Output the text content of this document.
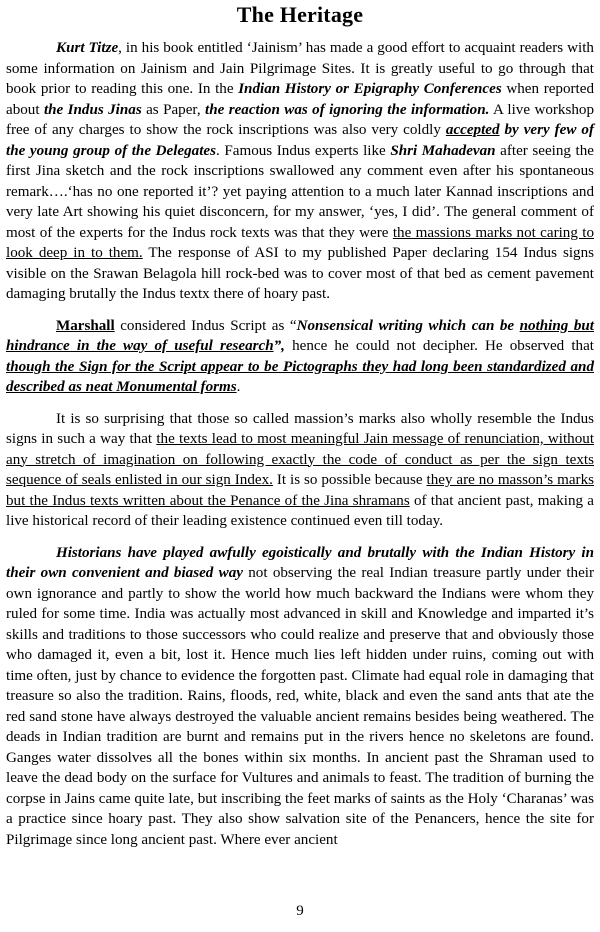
The Heritage

Kurt Titze, in his book entitled ‘Jainism’ has made a good effort to acquaint readers with some information on Jainism and Jain Pilgrimage Sites. It is greatly useful to go through that book prior to reading this one. In the Indian History or Epigraphy Conferences when reported about the Indus Jinas as Paper, the reaction was of ignoring the information. A live workshop free of any charges to show the rock inscriptions was also very coldly accepted by very few of the young group of the Delegates. Famous Indus experts like Shri Mahadevan after seeing the first Jina sketch and the rock inscriptions swallowed any comment even after his spontaneous remark….‘has no one reported it’? yet paying attention to a much later Kannad inscriptions and very late Art showing his quiet disconcern, for my answer, ‘yes, I did’. The general comment of most of the experts for the Indus rock texts was that they were the massions marks not caring to look deep in to them. The response of ASI to my published Paper declaring 154 Indus signs visible on the Srawan Belagola hill rock-bed was to cover most of that bed as cement pavement damaging brutally the Indus textx there of hoary past.

Marshall considered Indus Script as “Nonsensical writing which can be nothing but hindrance in the way of useful research”, hence he could not decipher. He observed that though the Sign for the Script appear to be Pictographs they had long been standardized and described as neat Monumental forms.

It is so surprising that those so called massion’s marks also wholly resemble the Indus signs in such a way that the texts lead to most meaningful Jain message of renunciation, without any stretch of imagination on following exactly the code of conduct as per the sign texts sequence of seals enlisted in our sign Index. It is so possible because they are no masson’s marks but the Indus texts written about the Penance of the Jina shramans of that ancient past, making a live historical record of their leading existence continued even till today.

Historians have played awfully egoistically and brutally with the Indian History in their own convenient and biased way not observing the real Indian treasure partly under their own ignorance and partly to show the world how much backward the Indians were whom they ruled for some time. India was actually most advanced in skill and Knowledge and imparted it’s skills and traditions to those successors who could realize and preserve that and obviously those who damaged it, even a bit, lost it. Hence much lies left hidden under ruins, coming out with time often, just by chance to evidence the forgotten past. Climate had equal role in damaging that treasure so also the tradition. Rains, floods, red, white, black and even the sand ants that ate the red sand stone have always destroyed the valuable ancient remains besides being weathered. The deads in Indian tradition are burnt and remains put in the rivers hence no skeletons are found. Ganges water dissolves all the bones within six months. In ancient past the Shraman used to leave the dead body on the surface for Vultures and animals to feast. The tradition of burning the corpse in Jains came quite late, but inscribing the feet marks of saints as the Holy ‘Charanas’ was a practice since hoary past. They also show salvation site of the Penancers, hence the site for Pilgrimage since long ancient past. Where ever ancient

9
